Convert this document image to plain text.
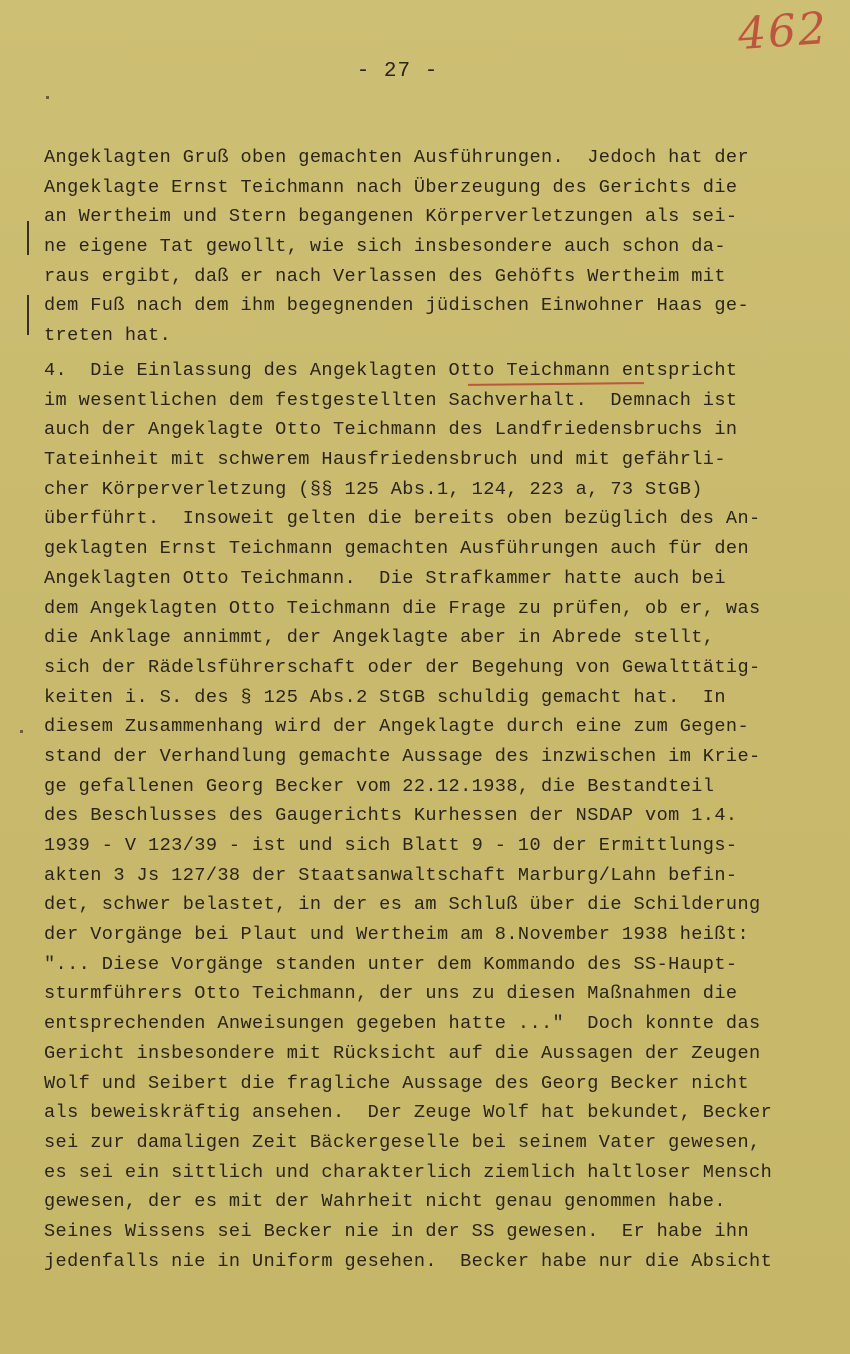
462
- 27 -
Angeklagten Gruß oben gemachten Ausführungen.  Jedoch hat der
Angeklagte Ernst Teichmann nach Überzeugung des Gerichts die
an Wertheim und Stern begangenen Körperverletzungen als sei-
ne eigene Tat gewollt, wie sich insbesondere auch schon da-
raus ergibt, daß er nach Verlassen des Gehöfts Wertheim mit
dem Fuß nach dem ihm begegnenden jüdischen Einwohner Haas ge-
treten hat.
4.  Die Einlassung des Angeklagten Otto Teichmann entspricht
im wesentlichen dem festgestellten Sachverhalt.  Demnach ist
auch der Angeklagte Otto Teichmann des Landfriedensbruchs in
Tateinheit mit schwerem Hausfriedensbruch und mit gefährli-
cher Körperverletzung (§§ 125 Abs.1, 124, 223 a, 73 StGB)
überführt.  Insoweit gelten die bereits oben bezüglich des An-
geklagten Ernst Teichmann gemachten Ausführungen auch für den
Angeklagten Otto Teichmann.  Die Strafkammer hatte auch bei
dem Angeklagten Otto Teichmann die Frage zu prüfen, ob er, was
die Anklage annimmt, der Angeklagte aber in Abrede stellt,
sich der Rädelsführerschaft oder der Begehung von Gewalttätig-
keiten i. S. des § 125 Abs.2 StGB schuldig gemacht hat.  In
diesem Zusammenhang wird der Angeklagte durch eine zum Gegen-
stand der Verhandlung gemachte Aussage des inzwischen im Krie-
ge gefallenen Georg Becker vom 22.12.1938, die Bestandteil
des Beschlusses des Gaugerichts Kurhessen der NSDAP vom 1.4.
1939 - V 123/39 - ist und sich Blatt 9 - 10 der Ermittlungs-
akten 3 Js 127/38 der Staatsanwaltschaft Marburg/Lahn befin-
det, schwer belastet, in der es am Schluß über die Schilderung
der Vorgänge bei Plaut und Wertheim am 8.November 1938 heißt:
"... Diese Vorgänge standen unter dem Kommando des SS-Haupt-
sturmführers Otto Teichmann, der uns zu diesen Maßnahmen die
entsprechenden Anweisungen gegeben hatte ..."  Doch konnte das
Gericht insbesondere mit Rücksicht auf die Aussagen der Zeugen
Wolf und Seibert die fragliche Aussage des Georg Becker nicht
als beweiskräftig ansehen.  Der Zeuge Wolf hat bekundet, Becker
sei zur damaligen Zeit Bäckergeselle bei seinem Vater gewesen,
es sei ein sittlich und charakterlich ziemlich haltloser Mensch
gewesen, der es mit der Wahrheit nicht genau genommen habe.
Seines Wissens sei Becker nie in der SS gewesen.  Er habe ihn
jedenfalls nie in Uniform gesehen.  Becker habe nur die Absicht
